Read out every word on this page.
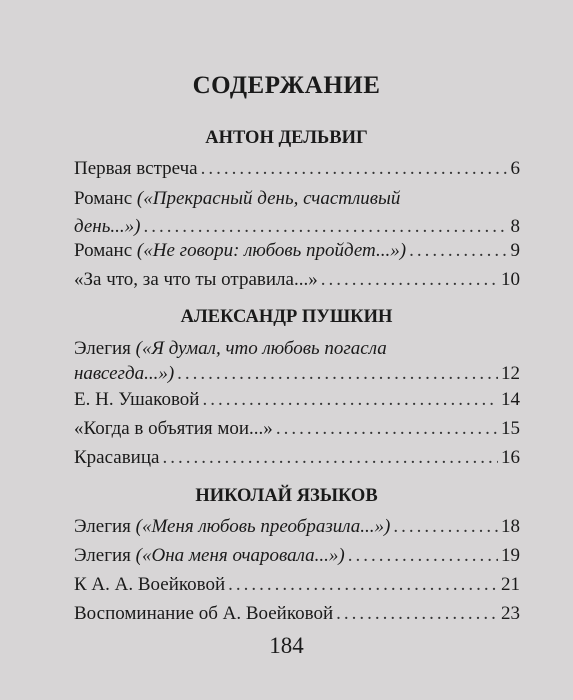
СОДЕРЖАНИЕ
АНТОН ДЕЛЬВИГ
Первая встреча .....	6
Романс («Прекрасный день, счастливый
день...») .....	8
Романс («Не говори: любовь пройдет...») .....	9
«За что, за что ты отравила...» .....	10
АЛЕКСАНДР ПУШКИН
Элегия («Я думал, что любовь погасла
навсегда...») .....	12
Е. Н. Ушаковой .....	14
«Когда в объятия мои...» .....	15
Красавица .....	16
НИКОЛАЙ ЯЗЫКОВ
Элегия («Меня любовь преобразила...») .....	18
Элегия («Она меня очаровала...») .....	19
К А. А. Воейковой .....	21
Воспоминание об А. Воейковой .....	23
184
